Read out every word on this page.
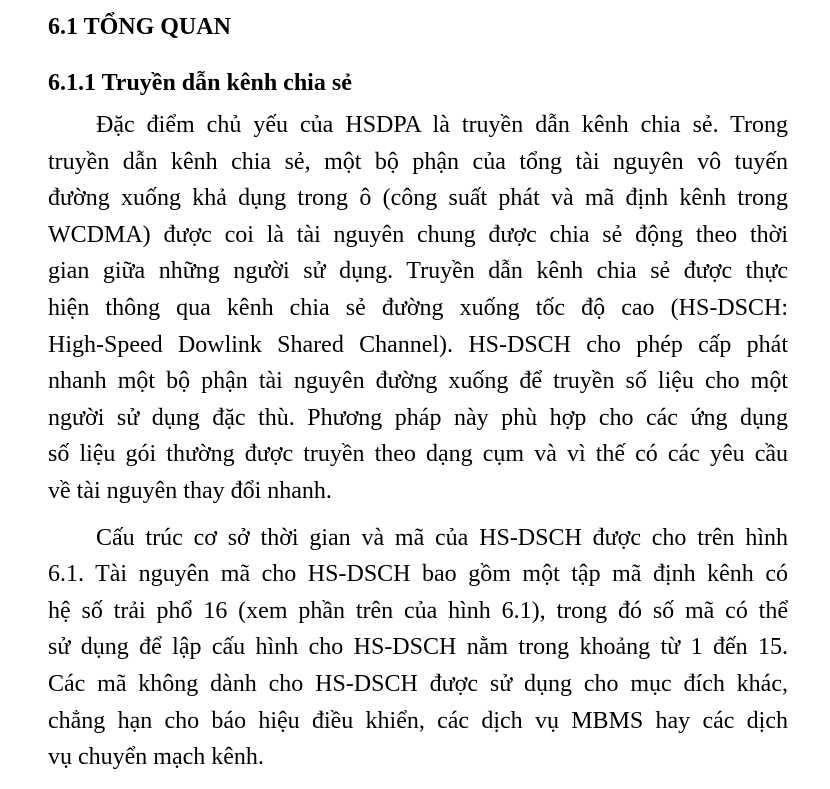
6.1 TỔNG QUAN
6.1.1 Truyền dẫn kênh chia sẻ
Đặc điểm chủ yếu của HSDPA là truyền dẫn kênh chia sẻ. Trong
truyền dẫn kênh chia sẻ, một bộ phận của tổng tài nguyên vô tuyến
đường xuống khả dụng trong ô (công suất phát và mã định kênh trong
WCDMA) được coi là tài nguyên chung được chia sẻ động theo thời
gian giữa những người sử dụng. Truyền dẫn kênh chia sẻ được thực
hiện thông qua kênh chia sẻ đường xuống tốc độ cao (HS-DSCH:
High-Speed Dowlink Shared Channel). HS-DSCH cho phép cấp phát
nhanh một bộ phận tài nguyên đường xuống để truyền số liệu cho một
người sử dụng đặc thù. Phương pháp này phù hợp cho các ứng dụng
số liệu gói thường được truyền theo dạng cụm và vì thế có các yêu cầu
về tài nguyên thay đổi nhanh.
Cấu trúc cơ sở thời gian và mã của HS-DSCH được cho trên hình
6.1. Tài nguyên mã cho HS-DSCH bao gồm một tập mã định kênh có
hệ số trải phổ 16 (xem phần trên của hình 6.1), trong đó số mã có thể
sử dụng để lập cấu hình cho HS-DSCH nằm trong khoảng từ 1 đến 15.
Các mã không dành cho HS-DSCH được sử dụng cho mục đích khác,
chẳng hạn cho báo hiệu điều khiển, các dịch vụ MBMS hay các dịch
vụ chuyển mạch kênh.
